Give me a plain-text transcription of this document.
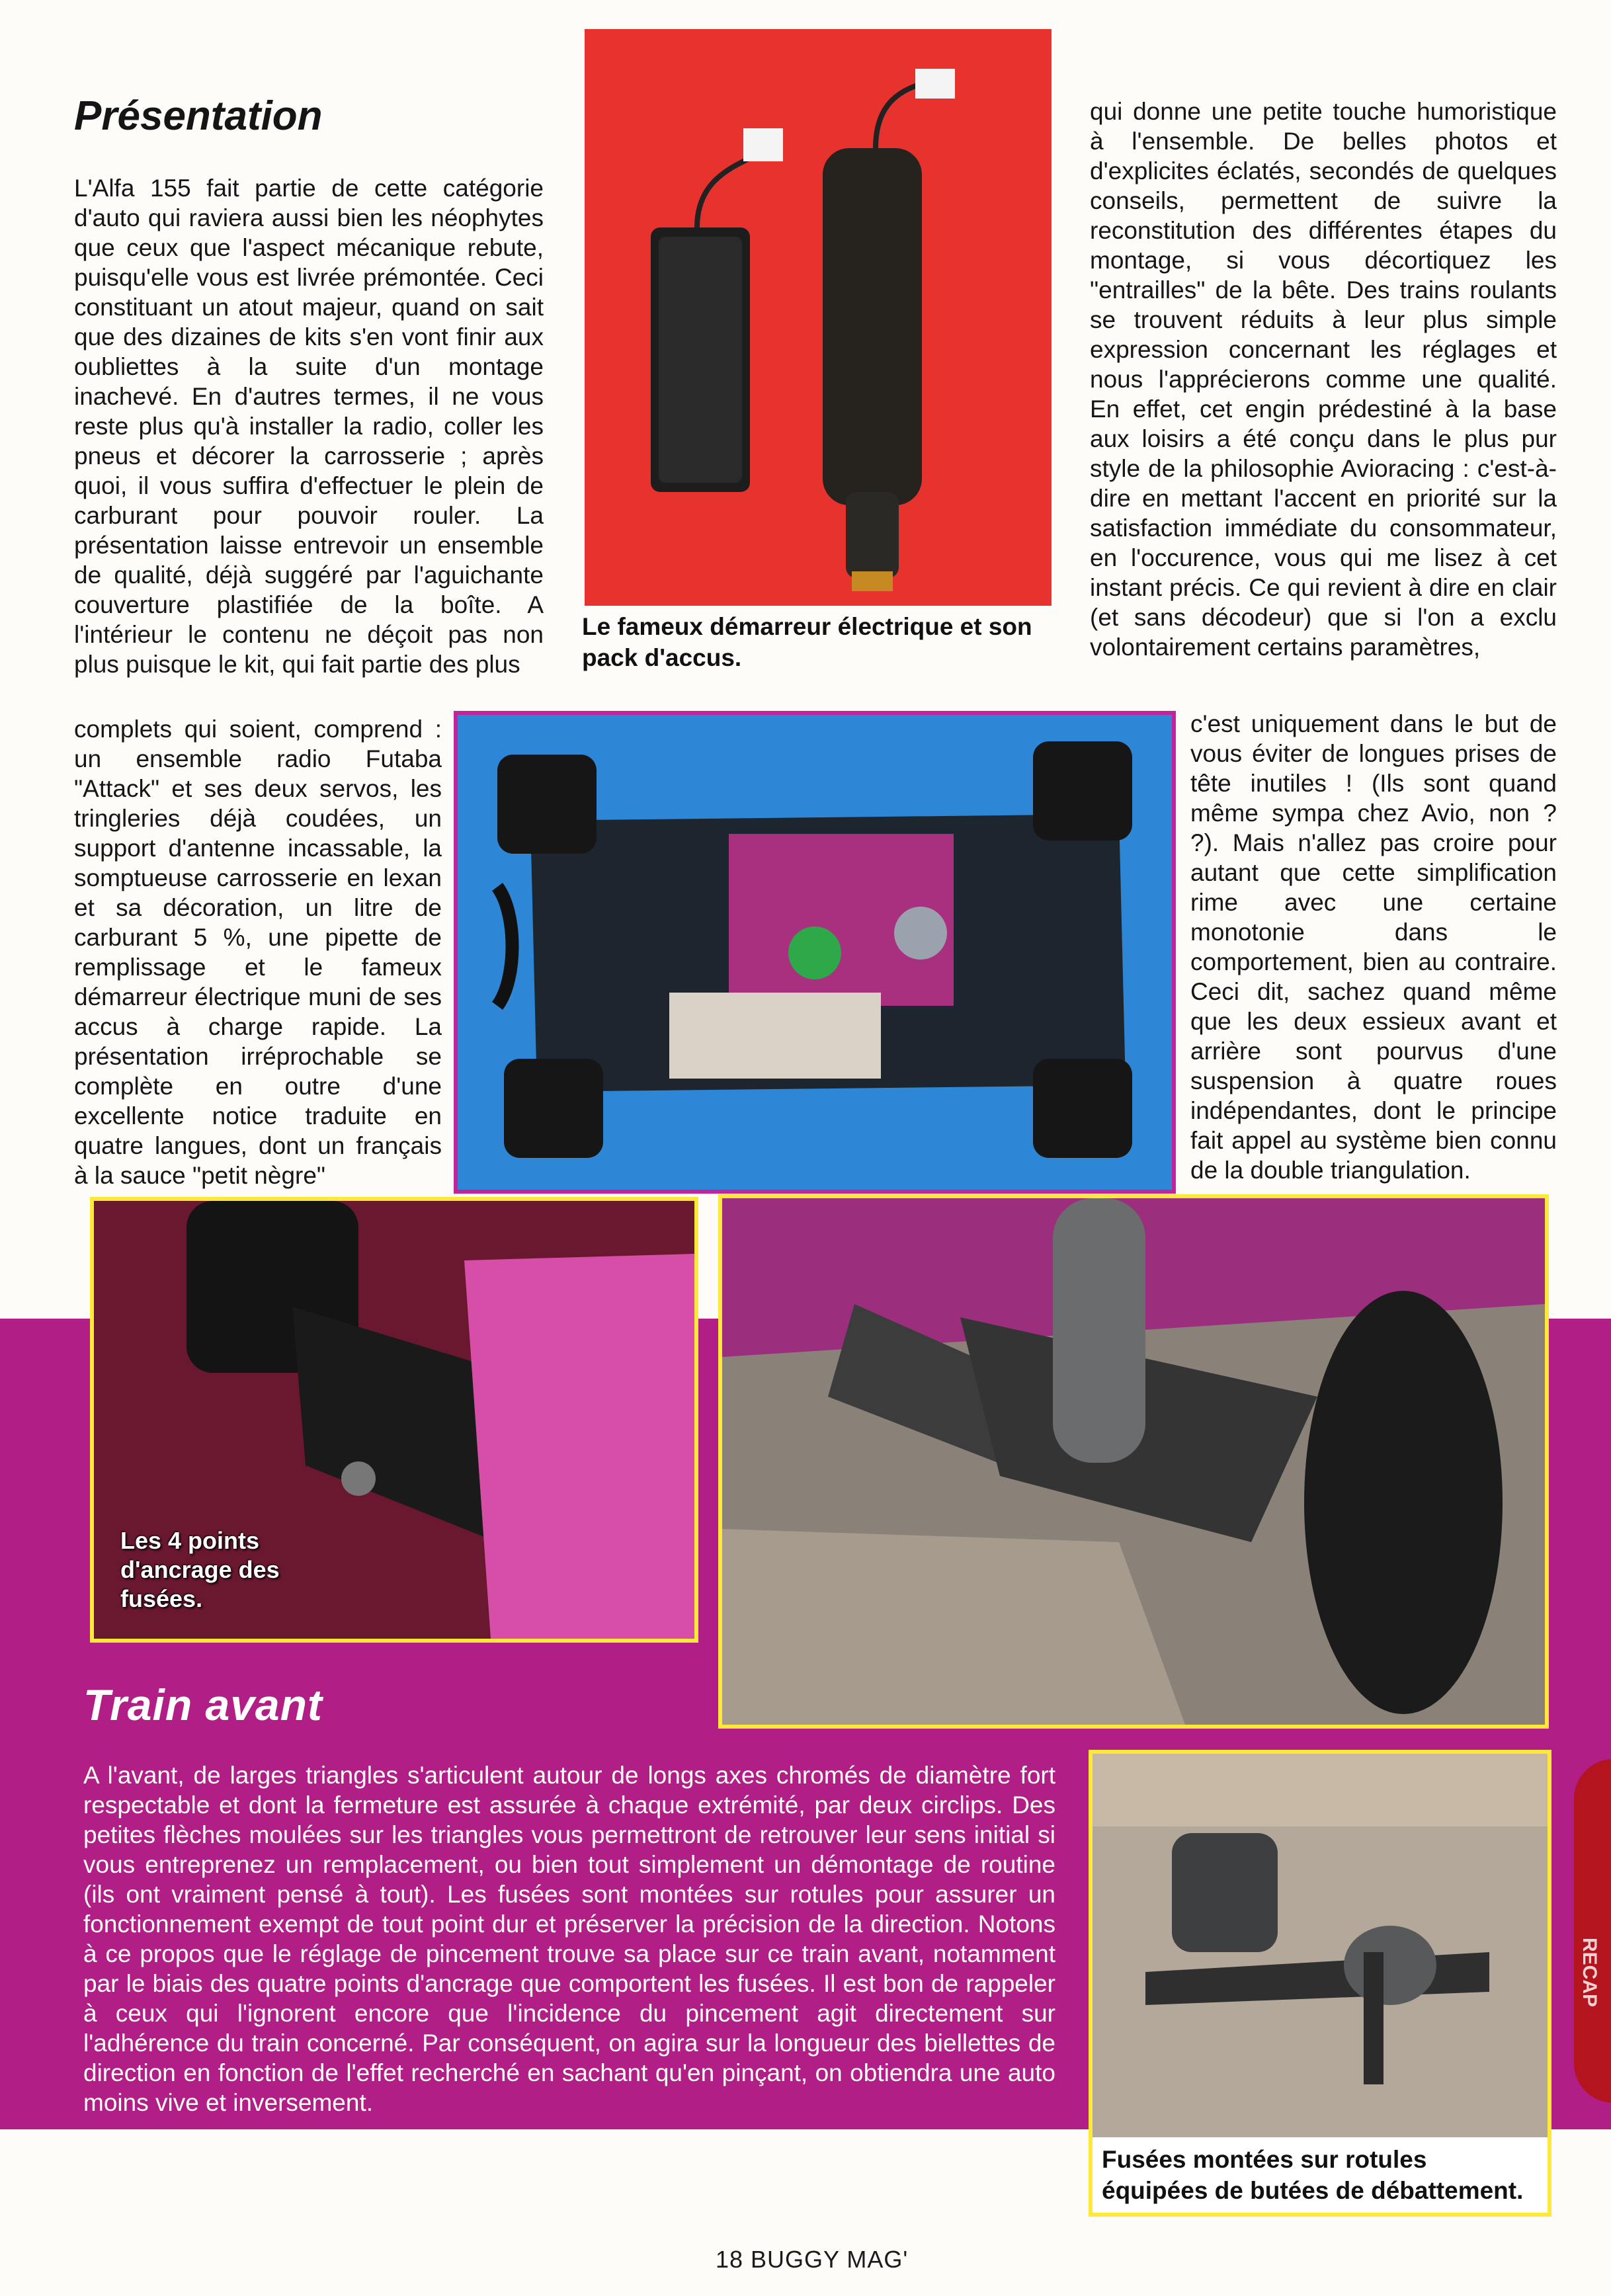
RECAP
Présentation

L'Alfa 155 fait partie de cette catégorie d'auto qui raviera aussi bien les néophytes que ceux que l'aspect mécanique rebute, puisqu'elle vous est livrée prémontée. Ceci constituant un atout majeur, quand on sait que des dizaines de kits s'en vont finir aux oubliettes à la suite d'un montage inachevé. En d'autres termes, il ne vous reste plus qu'à installer la radio, coller les pneus et décorer la carrosserie ; après quoi, il vous suffira d'effectuer le plein de carburant pour pouvoir rouler. La présentation laisse entrevoir un ensemble de qualité, déjà suggéré par l'aguichante couverture plastifiée de la boîte. A l'intérieur le contenu ne déçoit pas non plus puisque le kit, qui fait partie des plus

complets qui soient, comprend : un ensemble radio Futaba "Attack" et ses deux servos, les tringleries déjà coudées, un support d'antenne incassable, la somptueuse carrosserie en lexan et sa décoration, un litre de carburant 5 %, une pipette de remplissage et le fameux démarreur électrique muni de ses accus à charge rapide. La présentation irréprochable se complète en outre d'une excellente notice traduite en quatre langues, dont un français à la sauce "petit nègre"

Le fameux démarreur électrique et son pack d'accus.

qui donne une petite touche humoristique à l'ensemble. De belles photos et d'explicites éclatés, secondés de quelques conseils, permettent de suivre la reconstitution des différentes étapes du montage, si vous décortiquez les "entrailles" de la bête. Des trains roulants se trouvent réduits à leur plus simple expression concernant les réglages et nous l'apprécierons comme une qualité. En effet, cet engin prédestiné à la base aux loisirs a été conçu dans le plus pur style de la philosophie Avioracing : c'est-à-dire en mettant l'accent en priorité sur la satisfaction immédiate du consommateur, en l'occurence, vous qui me lisez à cet instant précis. Ce qui revient à dire en clair (et sans décodeur) que si l'on a exclu volontairement certains paramètres,

c'est uniquement dans le but de vous éviter de longues prises de tête inutiles ! (Ils sont quand même sympa chez Avio, non ? ?). Mais n'allez pas croire pour autant que cette simplification rime avec une certaine monotonie dans le comportement, bien au contraire. Ceci dit, sachez quand même que les deux essieux avant et arrière sont pourvus d'une suspension à quatre roues indépendantes, dont le principe fait appel au système bien connu de la double triangulation.

Les 4 points d'ancrage des fusées.
Train avant

A l'avant, de larges triangles s'articulent autour de longs axes chromés de diamètre fort respectable et dont la fermeture est assurée à chaque extrémité, par deux circlips. Des petites flèches moulées sur les triangles vous permettront de retrouver leur sens initial si vous entreprenez un remplacement, ou bien tout simplement un démontage de routine (ils ont vraiment pensé à tout). Les fusées sont montées sur rotules pour assurer un fonctionnement exempt de tout point dur et préserver la précision de la direction. Notons à ce propos que le réglage de pincement trouve sa place sur ce train avant, notamment par le biais des quatre points d'ancrage que comportent les fusées. Il est bon de rappeler à ceux qui l'ignorent encore que l'incidence du pincement agit directement sur l'adhérence du train concerné. Par conséquent, on agira sur la longueur des biellettes de direction en fonction de l'effet recherché en sachant qu'en pinçant, on obtiendra une auto moins vive et inversement.

Fusées montées sur rotules équipées de butées de débattement.

18 BUGGY MAG'
